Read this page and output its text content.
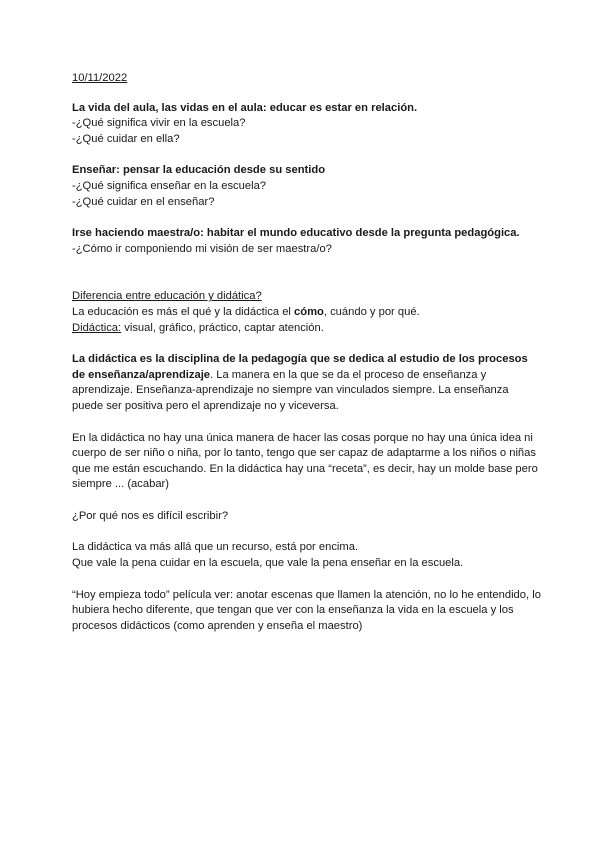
10/11/2022

La vida del aula, las vidas en el aula: educar es estar en relación.

-¿Qué significa vivir en la escuela?

-¿Qué cuidar en ella?

Enseñar: pensar la educación desde su sentido

-¿Qué significa enseñar en la escuela?

-¿Qué cuidar en el enseñar?

Irse haciendo maestra/o: habitar el mundo educativo desde la pregunta pedagógica.

-¿Cómo ir componiendo mi visión de ser maestra/o?

Diferencia entre educación y didática?

La educación es más el qué y la didáctica el cómo, cuándo y por qué.

Didáctica: visual, gráfico, práctico, captar atención.

La didáctica es la disciplina de la pedagogía que se dedica al estudio de los procesos de enseñanza/aprendizaje. La manera en la que se da el proceso de enseñanza y aprendizaje. Enseñanza-aprendizaje no siempre van vinculados siempre. La enseñanza puede ser positiva pero el aprendizaje no y viceversa.

En la didáctica no hay una única manera de hacer las cosas porque no hay una única idea ni cuerpo de ser niño o niña, por lo tanto, tengo que ser capaz de adaptarme a los niños o niñas que me están escuchando. En la didáctica hay una “receta”, es decir, hay un molde base pero siempre ... (acabar)

¿Por qué nos es difícil escribir?

La didáctica va más allá que un recurso, está por encima.

Que vale la pena cuidar en la escuela, que vale la pena enseñar en la escuela.

“Hoy empieza todo” película ver: anotar escenas que llamen la atención, no lo he entendido, lo hubiera hecho diferente, que tengan que ver con la enseñanza la vida en la escuela y los procesos didácticos (como aprenden y enseña el maestro)
